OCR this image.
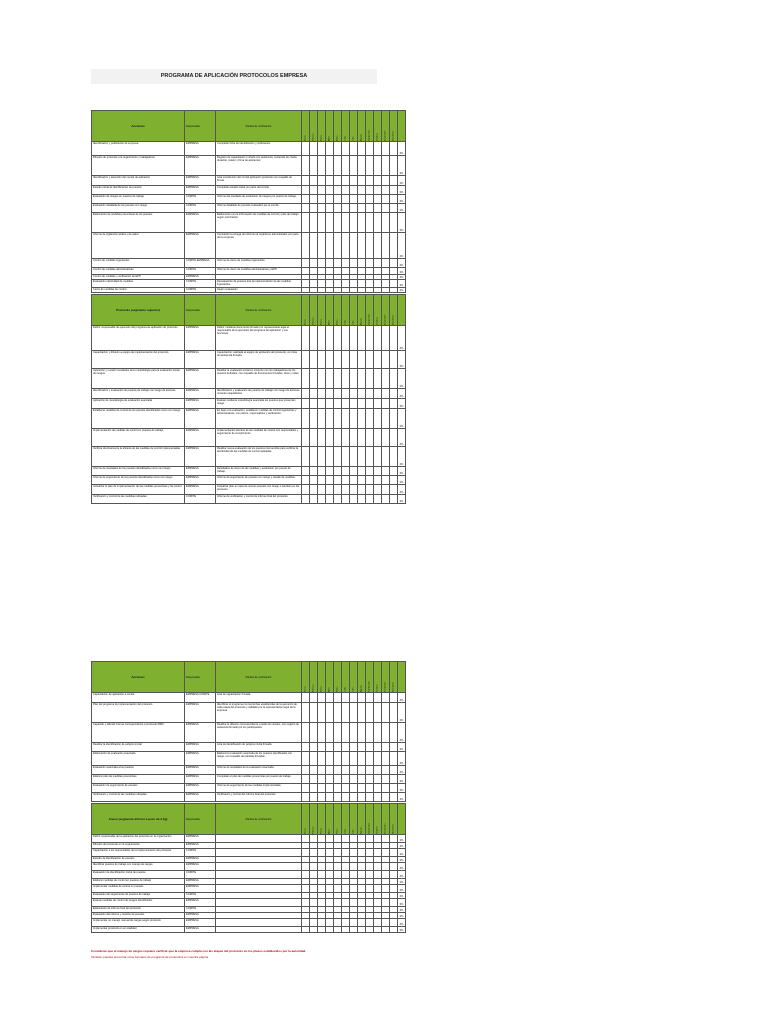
PROGRAMA DE APLICACIÓN PROTOCOLOS EMPRESA
Acciones	Responsable	Medios de verificación	Enero	Febrero	Marzo	Abril	Mayo	Junio	Julio	Agosto	Septiembre	Octubre	Noviembre	Diciembre	
Identificación y publicación de empresa	EMPRESA	Completar ficha de identificación y publicación.													0%
Difusión de protocolo a la organización y trabajadores	EMPRESA	Registro de capacitación o charla con asistencia, contenido de charla, duración, relator y firma de asistentes.													0%
Identificación y selección del comité de aplicación	EMPRESA	Acta constitución del comité aplicación protocolo con respaldo de firmas.													0%
Estudio inicial de identificación de puestos	EMPRESA	Completar estudio inicial por parte del comité.													0%
Evaluación de riesgos en puestos de trabajo	COMITÉ	Informe del resultado de evaluación de riesgos por puesto de trabajo.													0%
Evaluación detallada de los puestos con riesgo	COMITÉ	Informe detallado de puestos evaluados por el comité.													0%
Elaboración de medidas preventivas de los puestos	EMPRESA	Elaboración con la información de medidas de control y plan de trabajo según priorización.													0%
Informe de vigilancia médica y de salud	EMPRESA	Completar la entrega de informes al organismo administrador por parte de la empresa.													0%
Control de medidas ingenieriles	COMITÉ EMPRESA	Informe de cierre de medidas ingenieriles.													0%
Control de medidas administrativas	COMITÉ	Informe de cierre de medidas administrativas y EPP.													0%
Control de medidas y verificación de EPP	EMPRESA														0%
Evaluación efectividad de medidas	COMITÉ	Reevaluación de puestos tras la implementación de las medidas ingenieriles.													0%
Cierre de medidas de control	COMITÉ	Según evaluación													0%
Protocolo (segmento superior)	Responsable	Medios de verificación	Enero	Febrero	Marzo	Abril	Mayo	Junio	Julio	Agosto	Septiembre	Octubre	Noviembre	Diciembre	
Definir responsable de ejecución del programa de aplicación de protocolo	EMPRESA	Definir mediante documento firmado por representante legal el responsable de la ejecución del programa de aplicación y sus funciones.													0%
Capacitación y difusión a equipo de implementación del protocolo	EMPRESA	Capacitación realizada al equipo de aplicación del protocolo, con lista de asistencia firmada.													0%
Aplicación y revisión resultados de la metodología para la evaluación inicial de riesgos	EMPRESA	Realizar la evaluación inicial en conjunto con los trabajadores de los puestos definidos, con respaldo de documentos firmados, fotos y video.													0%
Identificación y evaluación de puestos de trabajo con riesgo de lesiones	EMPRESA	Identificación y evaluación de puestos de trabajo con riesgo de lesiones músculo esqueléticas.													0%
Aplicación de metodología de evaluación avanzada	EMPRESA	Evaluar mediante metodología avanzada los puestos que presentan riesgo.													0%
Establecer medidas de control de los puestos identificados como con riesgo	EMPRESA	En base a la evaluación, establecer medidas de control ingenieriles y administrativas, con plazos, responsables y verificación.													0%
Implementación de medidas de control en puestos de trabajo	EMPRESA	Implementación efectiva de las medidas de control con responsables y seguimiento de cumplimiento.													0%
Verificar efectivamente la eficacia de las medidas de control implementadas	EMPRESA	Realizar nueva evaluación de los puestos intervenidos para verificar la efectividad de las medidas de control aplicadas.													0%
Informe de resultados de los puestos identificados como con riesgo	EMPRESA	Resultados de cierre de las medidas y evaluación por puesto de trabajo.													0%
Informe de seguimiento de los puestos identificados como con riesgo	EMPRESA	Informe de seguimiento de puestos con riesgo y estado de medidas.													0%
Actualizar el plan de implementación de las medidas preventivas y de control	EMPRESA	Actualizar plan en caso de nuevos puestos con riesgo o cambios en los procesos.													0%
Verificación y control de las medidas indicadas	COMITÉ	Informe de verificación y control de informe final del protocolo.													0%
Acciones	Responsable	Medios de verificación	Enero	Febrero	Marzo	Abril	Mayo	Junio	Julio	Agosto	Septiembre	Octubre	Noviembre	Diciembre	
Capacitación de aplicación a comité	EMPRESA COMITÉ	Acta de capacitación firmada													0%
Plan del programa de implementación del protocolo	EMPRESA	Identificar el programa con las fechas establecidas de la ejecución de cada etapa del protocolo y validado por la representación legal de la empresa.													0%
Capacitar y difundir interna correspondiente a protocolo MMC	EMPRESA	Realizar la difusión correspondiente a todos los niveles, con registro de asistencia firmado por los participantes.													0%
Realizar la identificación de peligros inicial	EMPRESA	Acta de identificación de peligros inicial firmada.													0%
Elaboración de evaluación avanzada	EMPRESA	Elaborar la evaluación avanzada de los puestos identificados con riesgo, con respaldo de planillas firmadas.													0%
Evaluación avanzada a los puestos	EMPRESA	Informe de resultados de la evaluación avanzada.													0%
Elaborar plan de medidas preventivas	EMPRESA	Completar el plan de medidas preventivas por puesto de trabajo.													0%
Evaluación de seguimiento de puestos	EMPRESA	Informe de seguimiento de las medidas implementadas.													0%
Verificación y control de las medidas indicadas	EMPRESA	Verificación y control del informe final del protocolo.													0%
Anexo (segmento inferior a peso de 3 kg)	Responsable	Medios de verificación	Enero	Febrero	Marzo	Abril	Mayo	Junio	Julio	Agosto	Septiembre	Octubre	Noviembre	Diciembre	
Definir responsable de la aplicación del protocolo en la organización	EMPRESA														0%
Difusión del protocolo en la organización	EMPRESA														0%
Capacitación a los responsables de la implementación del protocolo	COMITÉ														0%
Estudio de identificación de puestos	EMPRESA														0%
Identificar puestos de trabajo con manejo de cargas	EMPRESA														0%
Evaluación de identificación inicial de puestos	COMITÉ														0%
Elaborar medidas de control en puestos de trabajo	EMPRESA														0%
Implementar medidas de control en puestos	EMPRESA														0%
Evaluación del seguimiento de puestos de trabajo	COMITÉ														0%
Evaluar medidas de control de riesgos identificados	EMPRESA														0%
Elaboración de informe final del protocolo	COMITÉ														0%
Evaluación del informe y revisión de puestos	EMPRESA														0%
Implementar un manejo manual de cargas según protocolo	EMPRESA														0%
Implementar protocolo en su totalidad	EMPRESA														0%
Considerar que el manejo de cargas requiere verificar que la empresa cumpla con las etapas del protocolo en los plazos establecidos por la autoridad.
También puedes encontrar otros formatos de programa de protocolos en nuestra página.
